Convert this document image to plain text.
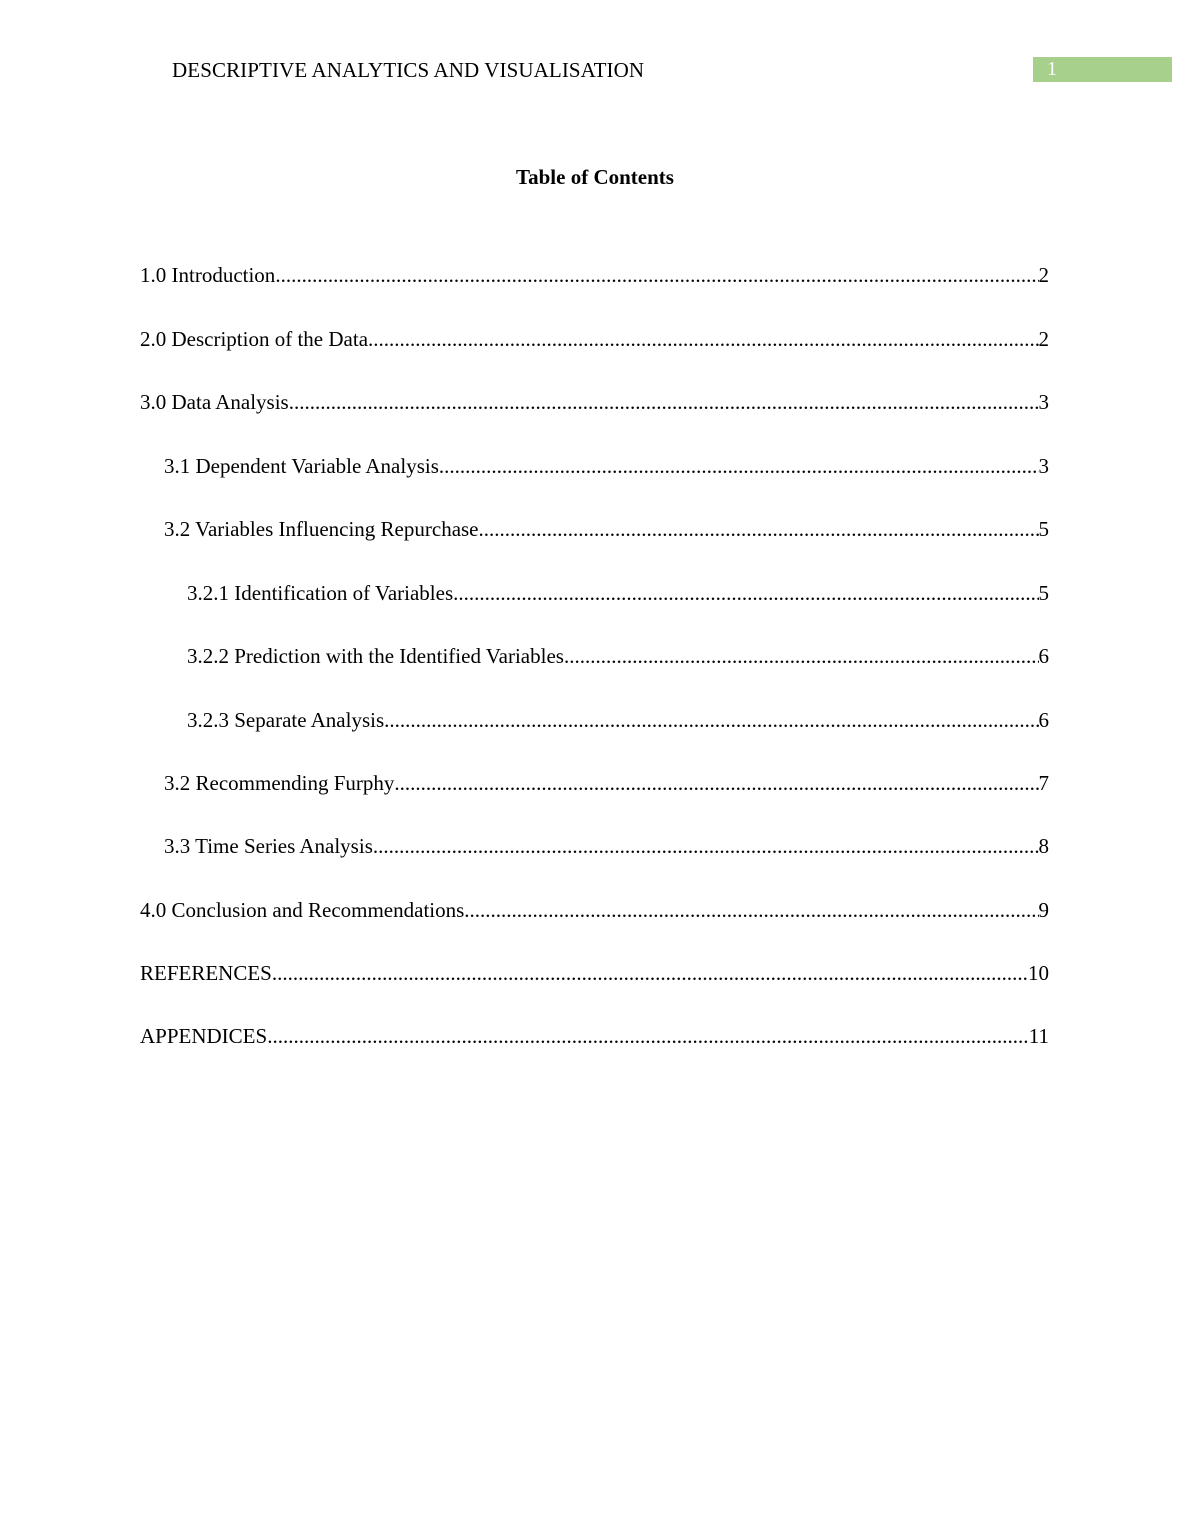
DESCRIPTIVE ANALYTICS AND VISUALISATION	1
Table of Contents
1.0 Introduction .....	2
2.0 Description of the Data .....	2
3.0 Data Analysis .....	3
3.1 Dependent Variable Analysis .....	3
3.2 Variables Influencing Repurchase .....	5
3.2.1 Identification of Variables .....	5
3.2.2 Prediction with the Identified Variables .....	6
3.2.3 Separate Analysis .....	6
3.2 Recommending Furphy .....	7
3.3 Time Series Analysis .....	8
4.0 Conclusion and Recommendations .....	9
REFERENCES .....	10
APPENDICES .....	11
